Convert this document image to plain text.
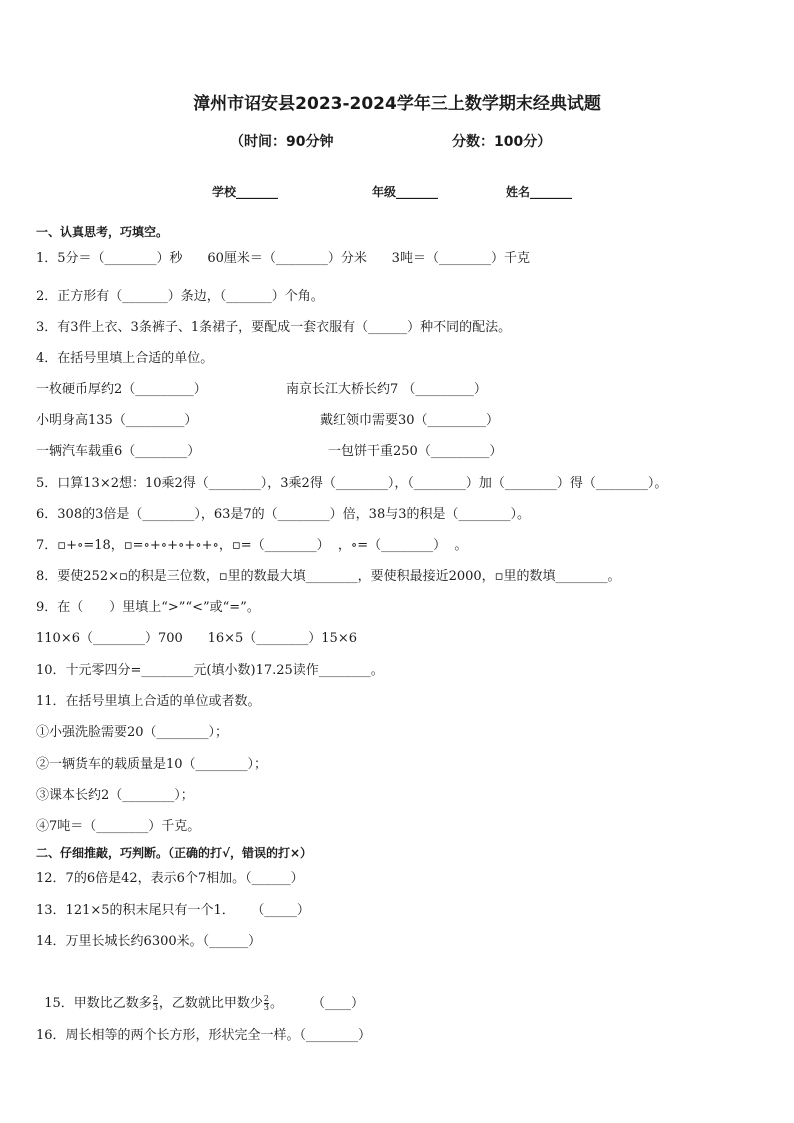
漳州市诏安县2023-2024学年三上数学期末经典试题
（时间：90分钟	分数：100分）
学校_______	年级_______	姓名_______
一、认真思考，巧填空。
1．5分＝（________）秒      60厘米＝（________）分米      3吨＝（________）千克
2．正方形有（_______）条边，（_______）个角。
3．有3件上衣、3条裤子、1条裙子，要配成一套衣服有（______）种不同的配法。
4．在括号里填上合适的单位。
一枚硬币厚约2（_________）	南京长江大桥长约7 （_________）
小明身高135（_________）	戴红领巾需要30（_________）
一辆汽车载重6（________）	一包饼干重250（_________）
5．口算13×2想：10乘2得（________），3乘2得（________），（________）加（________）得（________）。
6．308的3倍是（________），63是7的（________）倍，38与3的积是（________）。
7．▫+∘=18，▫=∘+∘+∘+∘+∘，▫=（________）  ，∘=（________）  。
8．要使252×▫的积是三位数，▫里的数最大填________，要使积最接近2000，▫里的数填________。
9．在（　　）里填上“>”“<”或“=”。
110×6（________）700      16×5（________）15×6
10．十元零四分=________元(填小数)17.25读作________。
11．在括号里填上合适的单位或者数。
①小强洗脸需要20（________）；
②一辆货车的载质量是10（________）；
③课本长约2（________）；
④7吨＝（________）千克。
二、仔细推敲，巧判断。（正确的打√，错误的打×）
12．7的6倍是42，表示6个7相加。（______）
13．121×5的积末尾只有一个1．    （_____）
14．万里长城长约6300米。（______）

15．甲数比乙数多 $\frac{2}{3}$ ，乙数就比甲数少 $\frac{2}{3}$ 。       （____）

16．周长相等的两个长方形，形状完全一样。（________）
